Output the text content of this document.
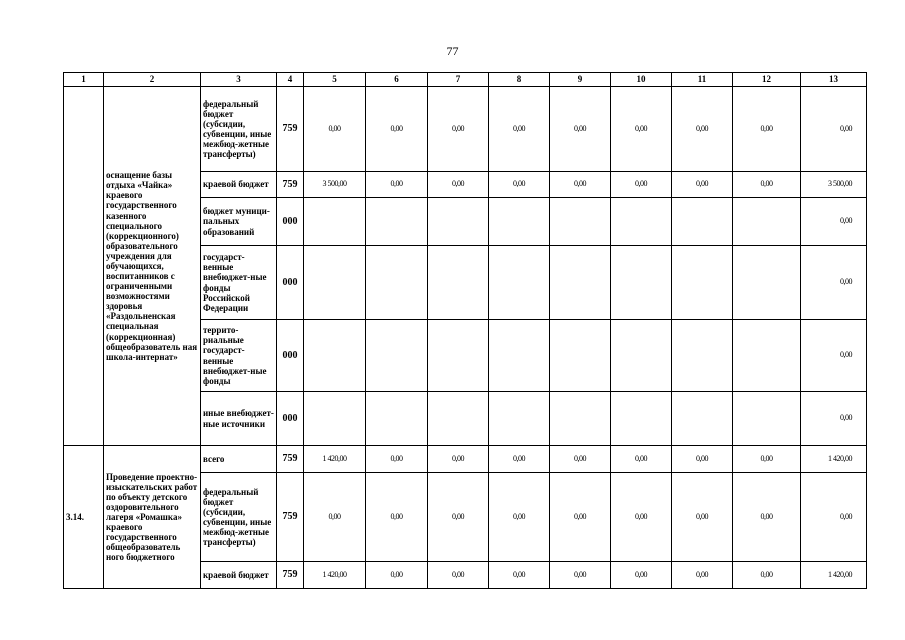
77
1	2	3	4	5	6	7	8	9	10	11	12	13
	оснащение базы отдыха «Чайка» краевого государственного казенного специального (коррекционного) образовательного учреждения для обучающихся, воспитанников с ограниченными возможностями здоровья «Раздольненская специальная (коррекционная) общеобразователь ная школа-интернат»	федеральный бюджет (субсидии, субвенции, иные межбюд-жетные трансферты)	759	0,00	0,00	0,00	0,00	0,00	0,00	0,00	0,00	0,00
		краевой бюджет	759	3 500,00	0,00	0,00	0,00	0,00	0,00	0,00	0,00	3 500,00
		бюджет муници-пальных образований	000									0,00
		государст-венные внебюджет-ные фонды Российской Федерации	000									0,00
		террито-риальные государст-венные внебюджет-ные фонды	000									0,00
		иные внебюджет-ные источники	000									0,00
3.14.	Проведение проектно-изыскательских работ по объекту детского оздоровительного лагеря «Ромашка» краевого государственного общеобразователь ного бюджетного	всего	759	1 420,00	0,00	0,00	0,00	0,00	0,00	0,00	0,00	1 420,00
		федеральный бюджет (субсидии, субвенции, иные межбюд-жетные трансферты)	759	0,00	0,00	0,00	0,00	0,00	0,00	0,00	0,00	0,00
		краевой бюджет	759	1 420,00	0,00	0,00	0,00	0,00	0,00	0,00	0,00	1 420,00
